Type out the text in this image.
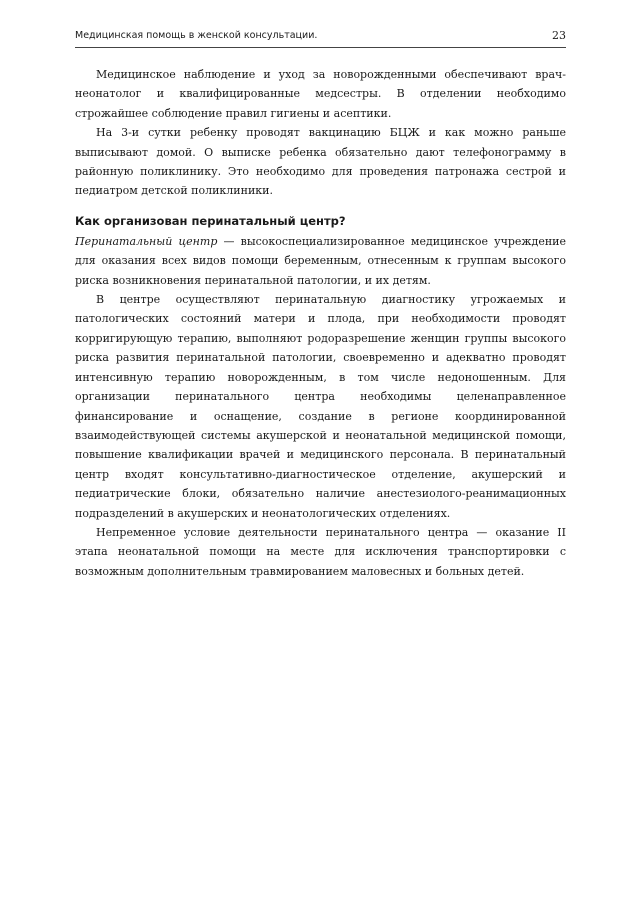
Медицинская помощь в женской консультации.	23

Медицинское наблюдение и уход за новорожденными обеспечивают врач-неонатолог и квалифицированные медсестры. В отделении необходимо строжайшее соблюдение правил гигиены и асептики.

На 3-и сутки ребенку проводят вакцинацию БЦЖ и как можно раньше выписывают домой. О выписке ребенка обязательно дают телефонограмму в районную поликлинику. Это необходимо для проведения патронажа сестрой и педиатром детской поликлиники.

Как организован перинатальный центр?

Перинатальный центр — высокоспециализированное медицинское учреждение для оказания всех видов помощи беременным, отнесенным к группам высокого риска возникновения перинатальной патологии, и их детям.

В центре осуществляют перинатальную диагностику угрожаемых и патологических состояний матери и плода, при необходимости проводят корригирующую терапию, выполняют родоразрешение женщин группы высокого риска развития перинатальной патологии, своевременно и адекватно проводят интенсивную терапию новорожденным, в том числе недоношенным. Для организации перинатального центра необходимы целенаправленное финансирование и оснащение, создание в регионе координированной взаимодействующей системы акушерской и неонатальной медицинской помощи, повышение квалификации врачей и медицинского персонала. В перинатальный центр входят консультативно-диагностическое отделение, акушерский и педиатрические блоки, обязательно наличие анестезиолого-реанимационных подразделений в акушерских и неонатологических отделениях.

Непременное условие деятельности перинатального центра — оказание II этапа неонатальной помощи на месте для исключения транспортировки с возможным дополнительным травмированием маловесных и больных детей.
